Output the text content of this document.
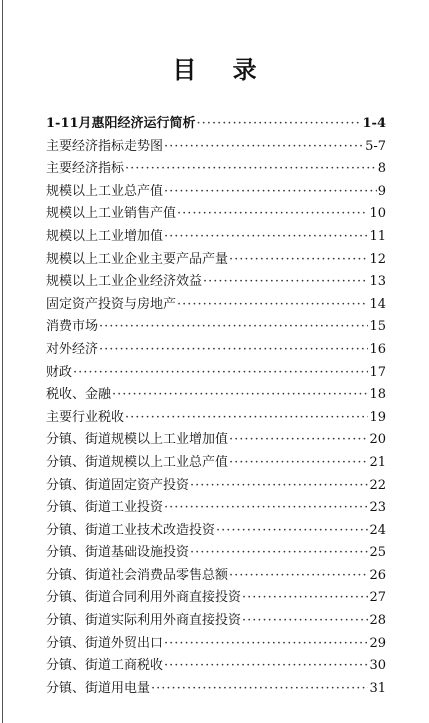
目 录
1-11月惠阳经济运行简析 ·····	1-4
主要经济指标走势图 ·····	5-7
主要经济指标 ·····	8
规模以上工业总产值 ·····	9
规模以上工业销售产值 ·····	10
规模以上工业增加值 ·····	11
规模以上工业企业主要产品产量 ·····	12
规模以上工业企业经济效益 ·····	13
固定资产投资与房地产 ·····	14
消费市场 ·····	15
对外经济 ·····	16
财政 ·····	17
税收、金融 ·····	18
主要行业税收 ·····	19
分镇、街道规模以上工业增加值 ·····	20
分镇、街道规模以上工业总产值 ·····	21
分镇、街道固定资产投资 ·····	22
分镇、街道工业投资 ·····	23
分镇、街道工业技术改造投资 ·····	24
分镇、街道基础设施投资 ·····	25
分镇、街道社会消费品零售总额 ·····	26
分镇、街道合同利用外商直接投资 ·····	27
分镇、街道实际利用外商直接投资 ·····	28
分镇、街道外贸出口 ·····	29
分镇、街道工商税收 ·····	30
分镇、街道用电量 ·····	31
